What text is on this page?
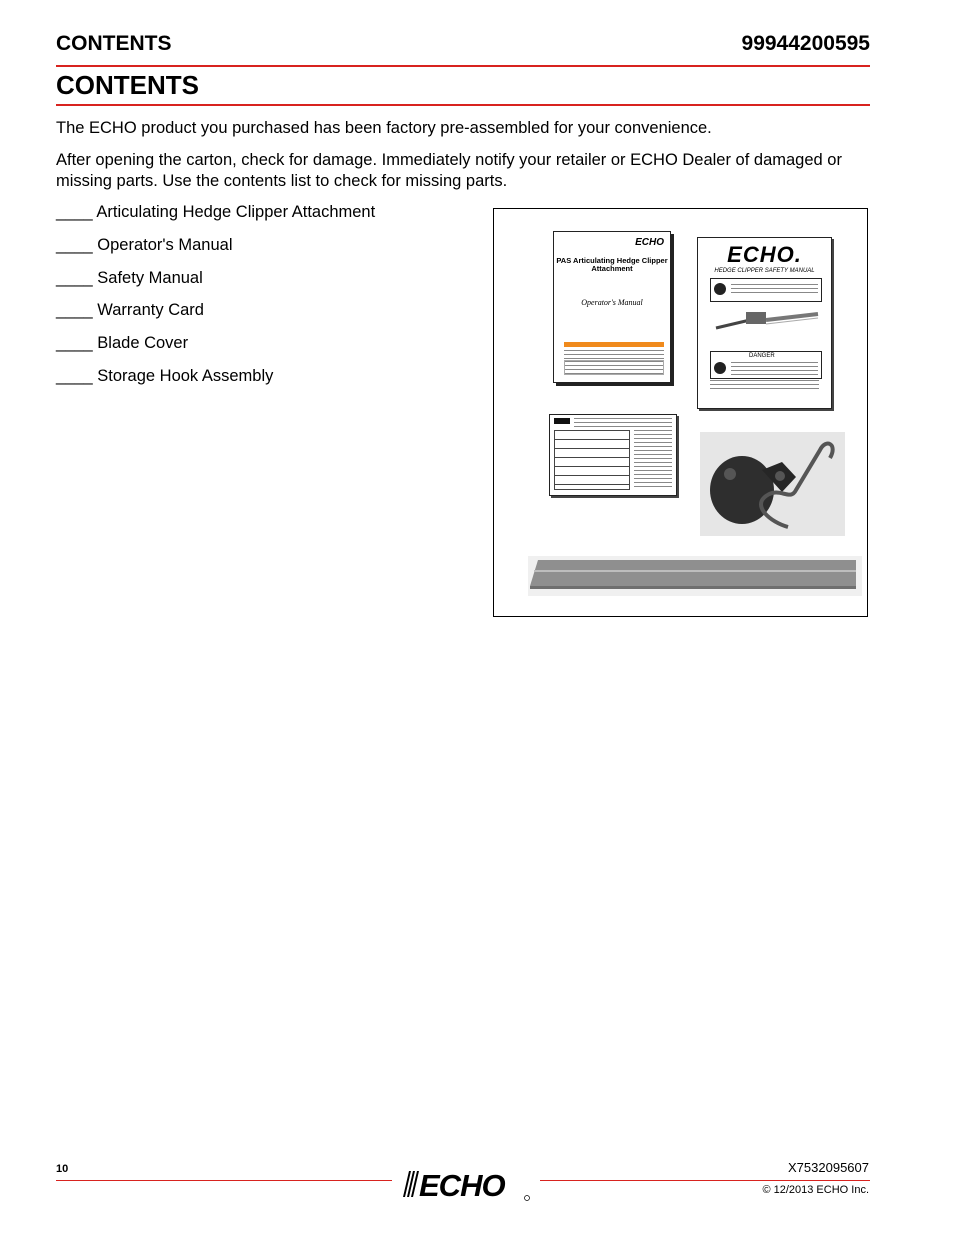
CONTENTS	99944200595
CONTENTS

The ECHO product you purchased has been factory pre-assembled for your convenience.

After opening the carton, check for damage. Immediately notify your retailer or ECHO Dealer of damaged or missing parts. Use the contents list to check for missing parts.

____ Articulating Hedge Clipper Attachment
____ Operator's Manual
____ Safety Manual
____ Warranty Card
____ Blade Cover
____ Storage Hook Assembly
ECHO
PAS Articulating Hedge Clipper Attachment
Operator's Manual
ECHO.
HEDGE CLIPPER SAFETY MANUAL
DANGER
10	ECHO
X7532095607
© 12/2013 ECHO Inc.
